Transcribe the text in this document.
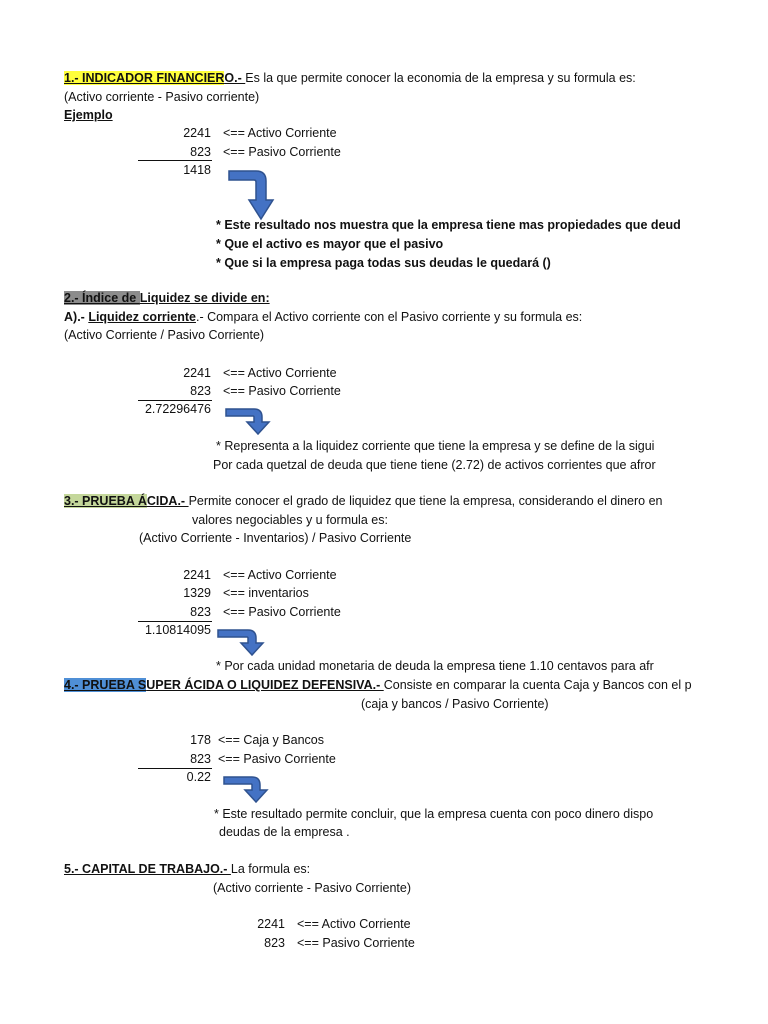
1.- INDICADOR FINANCIERO.- Es la que permite conocer la economia de la empresa y su formula es:
(Activo corriente - Pasivo corriente)
Ejemplo
2241 <== Activo Corriente
823 <== Pasivo Corriente
1418
* Este resultado nos muestra que la empresa tiene mas propiedades que deud
* Que el activo es mayor que el pasivo
* Que si la empresa paga todas sus deudas le quedará ()
2.- Índice de Liquidez se divide en:
A).- Liquidez corriente.- Compara el Activo corriente con el Pasivo corriente y su formula es:
(Activo Corriente / Pasivo Corriente)
2241 <== Activo Corriente
823 <== Pasivo Corriente
2.72296476
* Representa a la liquidez corriente que tiene la empresa y se define de la sigui
Por cada quetzal de deuda que tiene tiene (2.72) de activos corrientes que afror
3.- PRUEBA ÁCIDA.- Permite conocer el grado de liquidez que tiene la empresa, considerando el dinero en
valores negociables y u formula es:
(Activo Corriente - Inventarios) / Pasivo Corriente
2241 <== Activo Corriente
1329 <== inventarios
823 <== Pasivo Corriente
1.10814095
* Por cada unidad monetaria de deuda la empresa tiene 1.10 centavos para afr
4.- PRUEBA SUPER ÁCIDA O LIQUIDEZ DEFENSIVA.- Consiste en comparar la cuenta Caja y Bancos con el p
(caja y bancos / Pasivo Corriente)
178 <== Caja y Bancos
823 <== Pasivo Corriente
0.22
* Este resultado permite concluir, que la empresa cuenta con poco dinero dispo
deudas de la empresa .
5.- CAPITAL DE TRABAJO.- La formula es:
(Activo corriente - Pasivo Corriente)
2241 <== Activo Corriente
823 <== Pasivo Corriente
